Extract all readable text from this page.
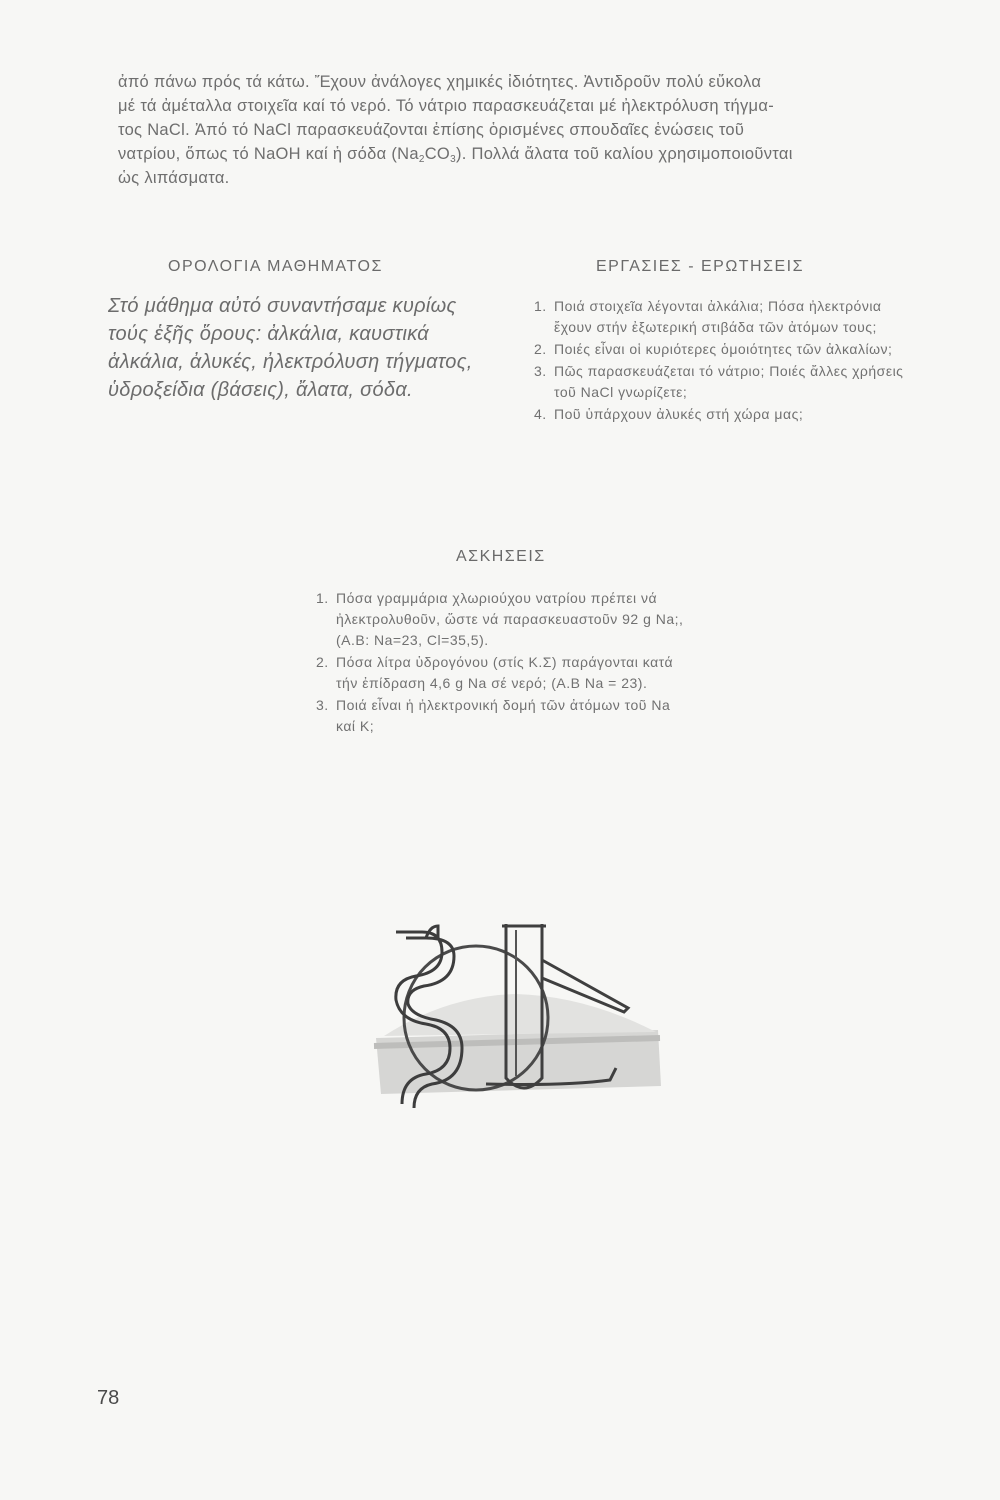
ἀπό πάνω πρός τά κάτω. Ἔχουν ἀνάλογες χημικές ἰδιότητες. Ἀντιδροῦν πολύ εὔκολα

μέ τά ἀμέταλλα στοιχεῖα καί τό νερό. Τό νάτριο παρασκευάζεται μέ ἠλεκτρόλυση τήγμα-

τος NaCl. Ἀπό τό NaCl παρασκευάζονται ἐπίσης ὁρισμένες σπουδαῖες ἑνώσεις τοῦ

νατρίου, ὅπως τό NaOH καί ἡ σόδα $(Na_2CO_3)$. Πολλά ἄλατα τοῦ καλίου χρησιμοποιοῦνται

ὡς λιπάσματα.

ΟΡΟΛΟΓΙΑ ΜΑΘΗΜΑΤΟΣ
Στό μάθημα αὐτό συναντήσαμε κυρίως τούς ἑξῆς ὅρους: ἀλκάλια, καυστικά ἀλκάλια, ἀλυκές, ἠλεκτρόλυση τήγματος, ὑδροξείδια (βάσεις), ἄλατα, σόδα.
ΕΡΓΑΣΙΕΣ - ΕΡΩΤΗΣΕΙΣ
1. Ποιά στοιχεῖα λέγονται ἀλκάλια; Πόσα ἠλεκτρόνια ἔχουν στήν ἐξωτερική στιβάδα τῶν ἀτόμων τους;
2. Ποιές εἶναι οἱ κυριότερες ὁμοιότητες τῶν ἀλκαλίων;
3. Πῶς παρασκευάζεται τό νάτριο; Ποιές ἄλλες χρήσεις τοῦ NaCl γνωρίζετε;
4. Ποῦ ὑπάρχουν ἀλυκές στή χώρα μας;
ΑΣΚΗΣΕΙΣ
1. Πόσα γραμμάρια χλωριούχου νατρίου πρέπει νά ἠλεκτρολυθοῦν, ὥστε νά παρασκευαστοῦν 92 g Na;, (Α.Β: Na=23, Cl=35,5).
2. Πόσα λίτρα ὑδρογόνου (στίς Κ.Σ) παράγονται κατά τήν ἐπίδραση 4,6 g Na σέ νερό; (Α.Β Na = 23).
3. Ποιά εἶναι ἡ ἠλεκτρονική δομή τῶν ἀτόμων τοῦ Na καί Κ;
78
